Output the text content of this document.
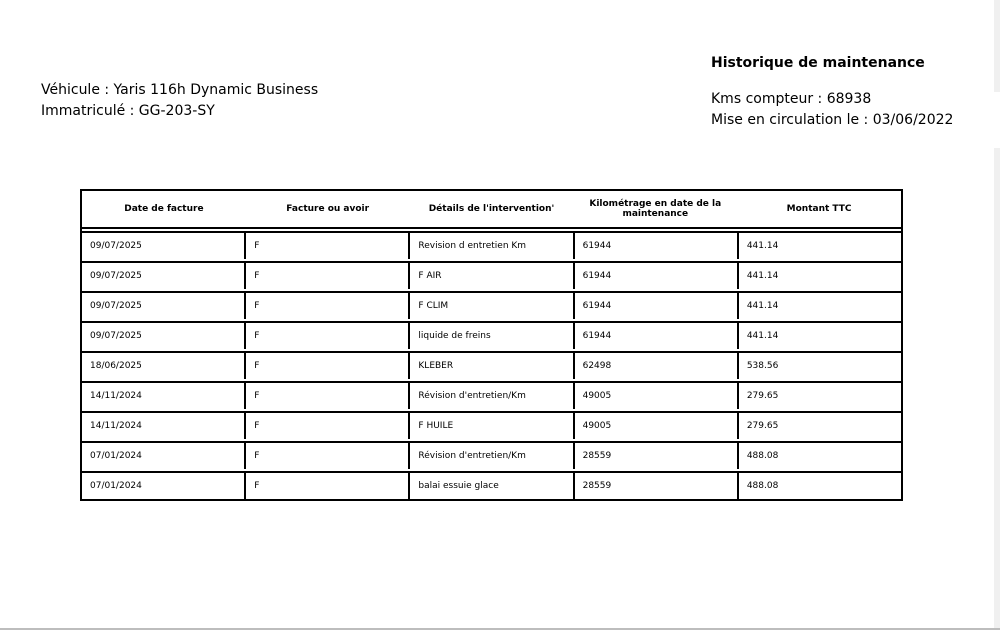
Véhicule : Yaris 116h Dynamic Business
Immatriculé : GG-203-SY
Historique de maintenance
Kms compteur : 68938
Mise en circulation le : 03/06/2022
Date de facture	Facture ou avoir	Détails de l'intervention'	Kilométrage en date de la maintenance	Montant TTC
09/07/2025	F	Revision d entretien Km	61944	441.14
09/07/2025	F	F AIR	61944	441.14
09/07/2025	F	F CLIM	61944	441.14
09/07/2025	F	liquide de freins	61944	441.14
18/06/2025	F	KLEBER	62498	538.56
14/11/2024	F	Révision d'entretien/Km	49005	279.65
14/11/2024	F	F HUILE	49005	279.65
07/01/2024	F	Révision d'entretien/Km	28559	488.08
07/01/2024	F	balai essuie glace	28559	488.08
